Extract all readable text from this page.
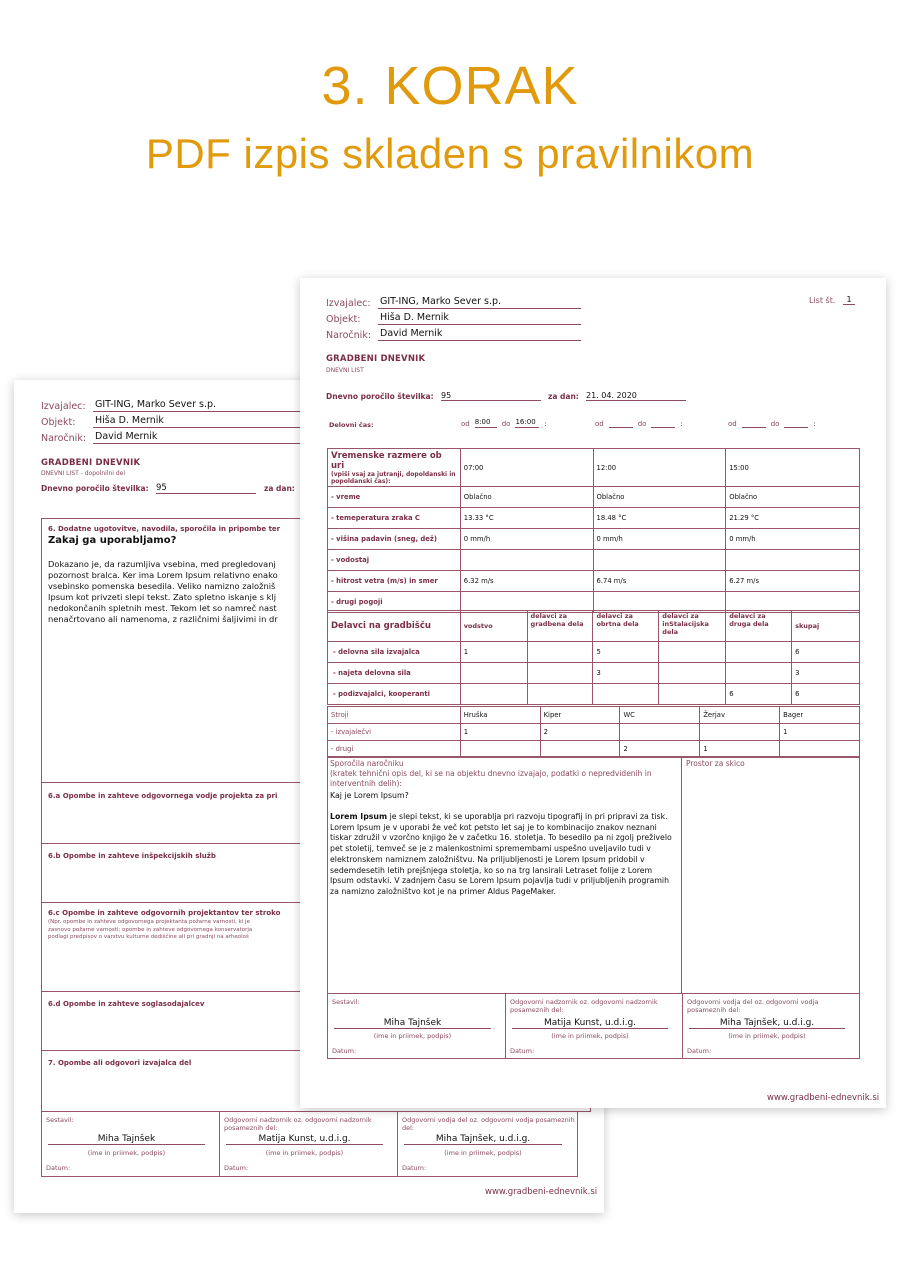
3. KORAK
PDF izpis skladen s pravilnikom
Izvajalec: GIT-ING, Marko Sever s.p.
Objekt:	Hiša D. Mernik
Naročnik: David Mernik
GRADBENI DNEVNIK
DNEVNI LIST - dopolnilni del
Dnevno poročilo številka: 95	za dan:
6. Dodatne ugotovitve, navodila, sporočila in pripombe ter
Zakaj ga uporabljamo?
Dokazano je, da razumljiva vsebina, med pregledovanj
pozornost bralca. Ker ima Lorem Ipsum relativno enako
vsebinsko pomenska besedila. Veliko namizno založniš
Ipsum kot privzeti slepi tekst. Zato spletno iskanje s klj
nedokončanih spletnih mest. Tekom let so namreč nast
nenačrtovano ali namenoma, z različnimi šaljivimi in dr
6.a Opombe in zahteve odgovornega vodje projekta za pri
6.b Opombe in zahteve inšpekcijskih služb
6.c Opombe in zahteve odgovornih projektantov ter stroko
(Npr. opombe in zahteve odgovornega projektanta požarne varnosti, ki je
zasnovo požarne varnosti; opombe in zahteve odgovornega konservatorja
podlagi predpisov o varstvu kulturne dediščine ali pri gradnji na arheološ
6.d Opombe in zahteve soglasodajalcev
7. Opombe ali odgovori izvajalca del
Sestavil:
Miha Tajnšek
(ime in priimek, podpis)
Datum:
Odgovorni nadzornik oz. odgovorni nadzornik posameznih del:
Matija Kunst, u.d.i.g.
(ime in priimek, podpis)
Datum:
Odgovorni vodja del oz. odgovorni vodja posameznih del:
Miha Tajnšek, u.d.i.g.
(ime in priimek, podpis)
Datum:
www.gradbeni-ednevnik.si
Izvajalec: GIT-ING, Marko Sever s.p.
Objekt:	Hiša D. Mernik
Naročnik: David Mernik
List št.	1
GRADBENI DNEVNIK
DNEVNI LIST
Dnevno poročilo številka: 95	za dan: 21. 04. 2020
Delovni čas:	od 8:00	do 16:00	:	od	do	:	od	do	:
Vremenske razmere ob uri
(vpiši vsaj za jutranji, dopoldanski in popoldanski čas):	07:00	12:00	15:00
- vreme	Oblačno	Oblačno	Oblačno
- temeperatura zraka C	13.33 °C	18.48 °C	21.29 °C
- višina padavin (sneg, dež)	0 mm/h	0 mm/h	0 mm/h
- vodostaj			
- hitrost vetra (m/s) in smer	6.32 m/s	6.74 m/s	6.27 m/s
- drugi pogoji			
Delavci na gradbišču	vodstvo	delavci za gradbena dela	delavci za obrtna dela	delavci za inStalacijska dela	delavci za druga dela	skupaj
- delovna sila izvajalca	1		5			6
- najeta delovna sila			3			3
- podizvajalci, kooperanti					6	6
Stroji	Hruška	Kiper	WC	Žerjav	Bager
- izvajalečvi	1	2			1
- drugi			2	1	
Sporočila naročniku
(kratek tehnični opis del, ki se na objektu dnevno izvajajo, podatki o nepredvidenih in interventnih delih):
Kaj je Lorem Ipsum?
Lorem Ipsum je slepi tekst, ki se uporablja pri razvoju tipografij in pri pripravi za tisk. Lorem Ipsum je v uporabi že več kot petsto let saj je to kombinacijo znakov neznani tiskar združil v vzorčno knjigo že v začetku 16. stoletja. To besedilo pa ni zgolj preživelo pet stoletij, temveč se je z malenkostnimi spremembami uspešno uveljavilo tudi v elektronskem namiznem založništvu. Na priljubljenosti je Lorem Ipsum pridobil v sedemdesetih letih prejšnjega stoletja, ko so na trg lansirali Letraset folije z Lorem Ipsum odstavki. V zadnjem času se Lorem Ipsum pojavlja tudi v priljubljenih programih za namizno založništvo kot je na primer Aldus PageMaker.
Prostor za skico
Sestavil:
Miha Tajnšek
(ime in priimek, podpis)
Datum:
Odgovorni nadzornik oz. odgovorni nadzornik posameznih del:
Matija Kunst, u.d.i.g.
(ime in priimek, podpis)
Datum:
Odgovorni vodja del oz. odgovorni vodja posameznih del:
Miha Tajnšek, u.d.i.g.
(ime in priimek, podpis)
Datum:
www.gradbeni-ednevnik.si
